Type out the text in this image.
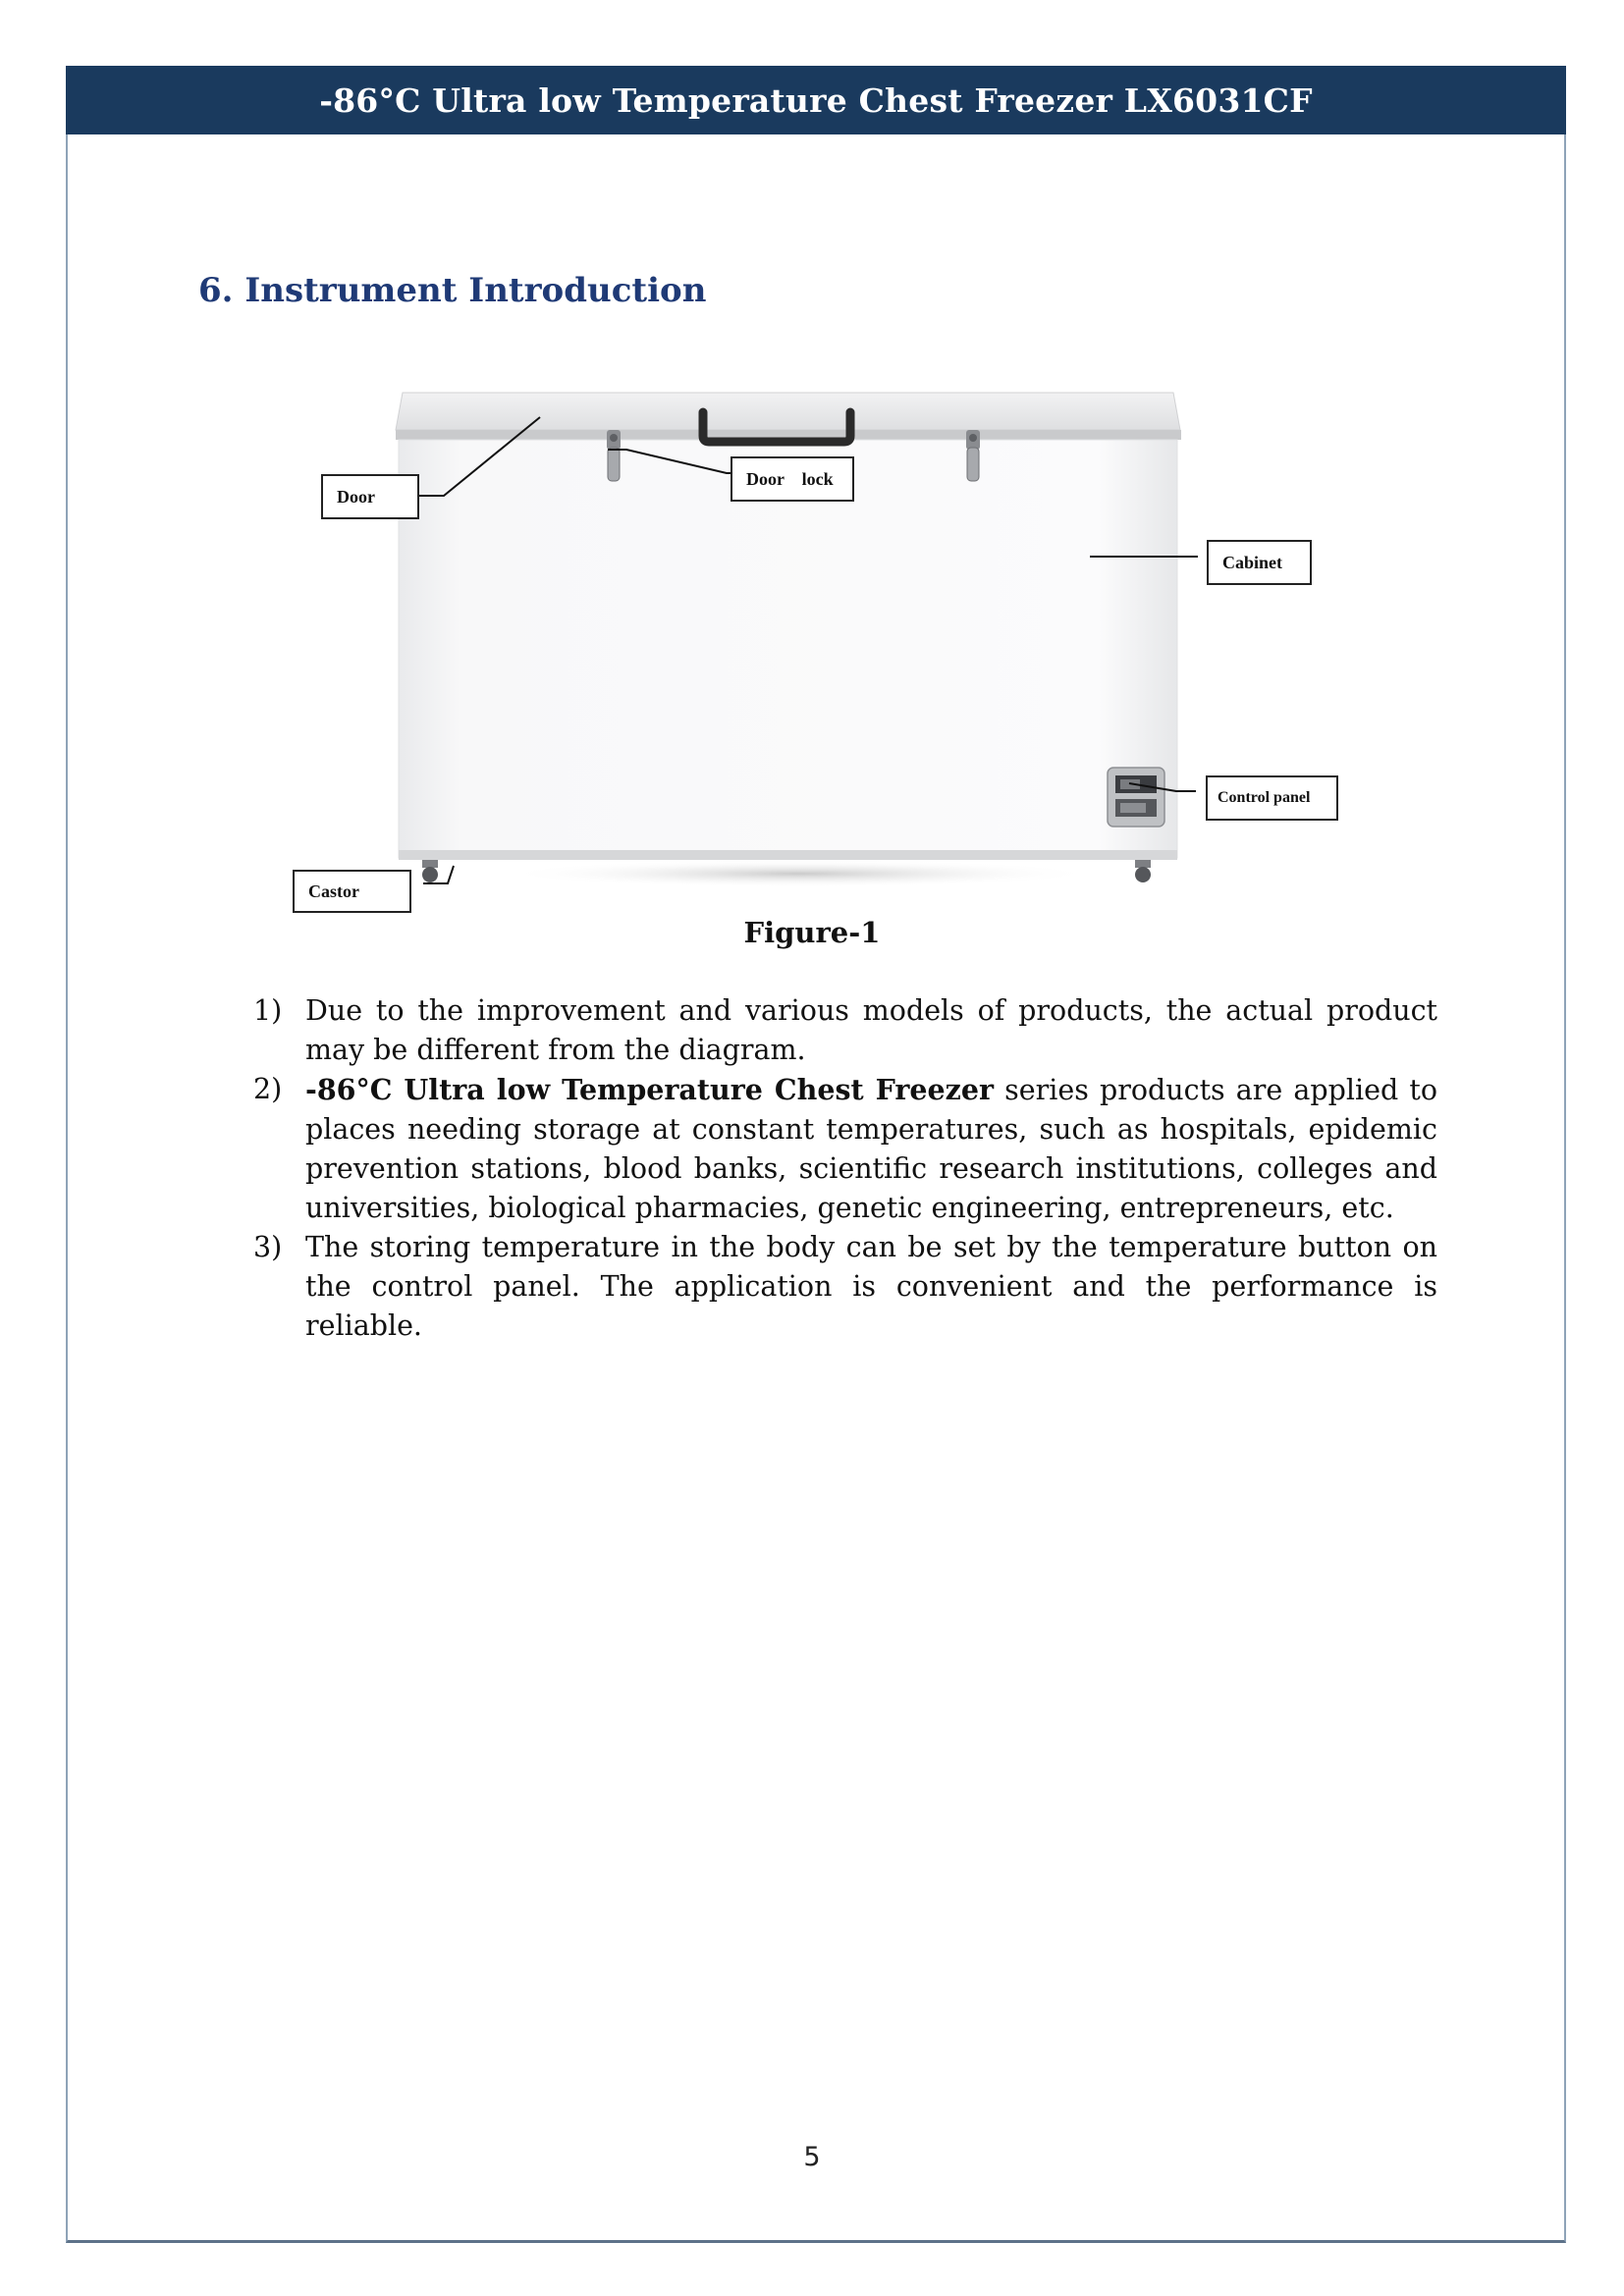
-86°C Ultra low Temperature Chest Freezer LX6031CF
6. Instrument Introduction
Door
Door    lock
Cabinet
Control panel
Castor
Figure-1
1) Due to the improvement and various models of products, the actual product may be different from the diagram.
2) -86°C Ultra low Temperature Chest Freezer series products are applied to places needing storage at constant temperatures, such as hospitals, epidemic prevention stations, blood banks, scientific research institutions, colleges and universities, biological pharmacies, genetic engineering, entrepreneurs, etc.
3) The storing temperature in the body can be set by the temperature button on the control panel. The application is convenient and the performance is reliable.
5
